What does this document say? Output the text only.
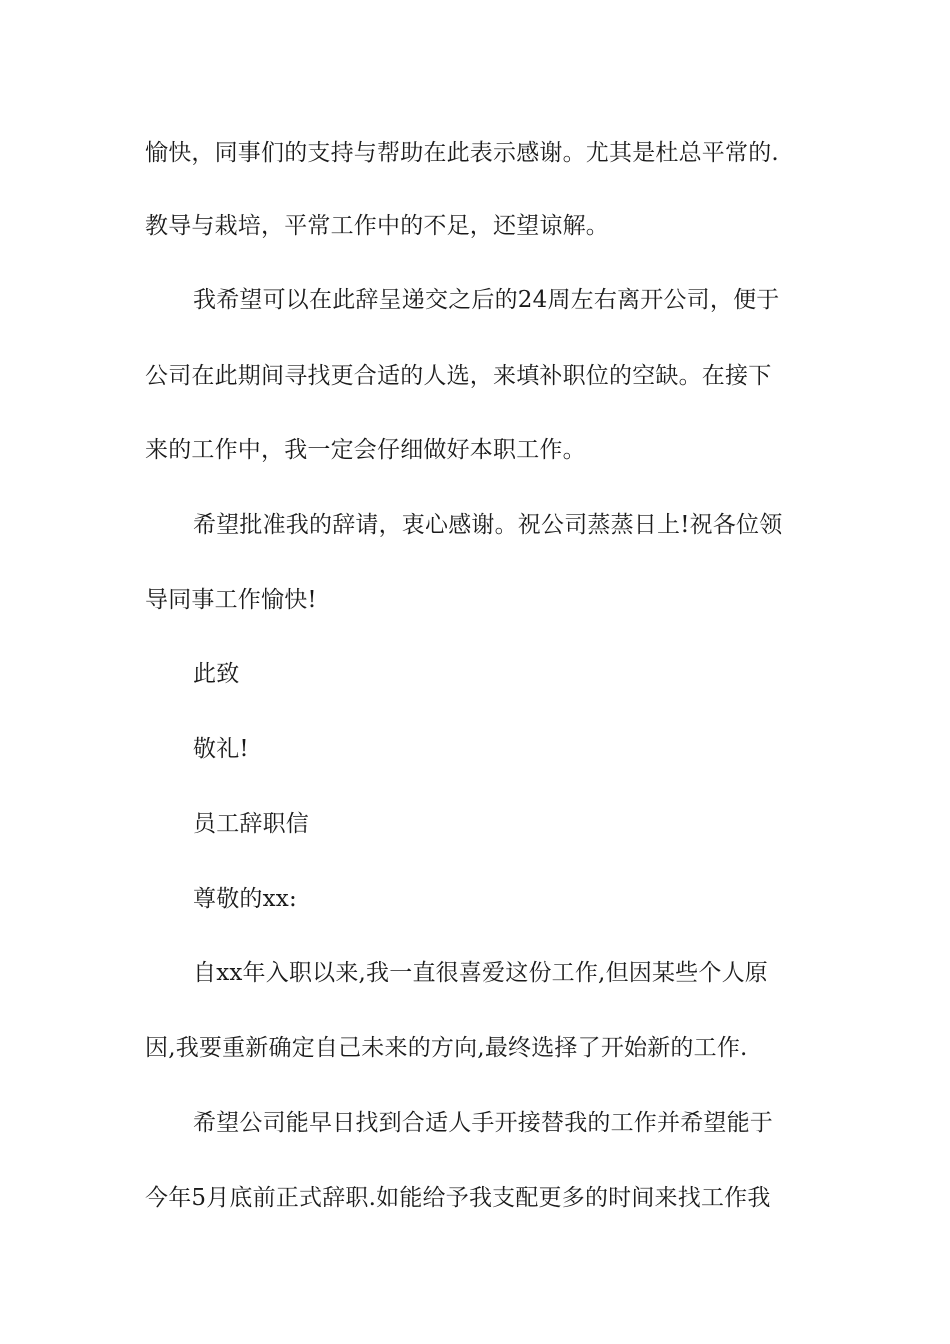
愉快，同事们的支持与帮助在此表示感谢。尤其是杜总平常的.
教导与栽培，平常工作中的不足，还望谅解。
我希望可以在此辞呈递交之后的24周左右离开公司，便于
公司在此期间寻找更合适的人选，来填补职位的空缺。在接下
来的工作中，我一定会仔细做好本职工作。
希望批准我的辞请，衷心感谢。祝公司蒸蒸日上!祝各位领
导同事工作愉快!
此致
敬礼!
员工辞职信
尊敬的xx:
自xx年入职以来,我一直很喜爱这份工作,但因某些个人原
因,我要重新确定自己未来的方向,最终选择了开始新的工作.
希望公司能早日找到合适人手开接替我的工作并希望能于
今年5月底前正式辞职.如能给予我支配更多的时间来找工作我
